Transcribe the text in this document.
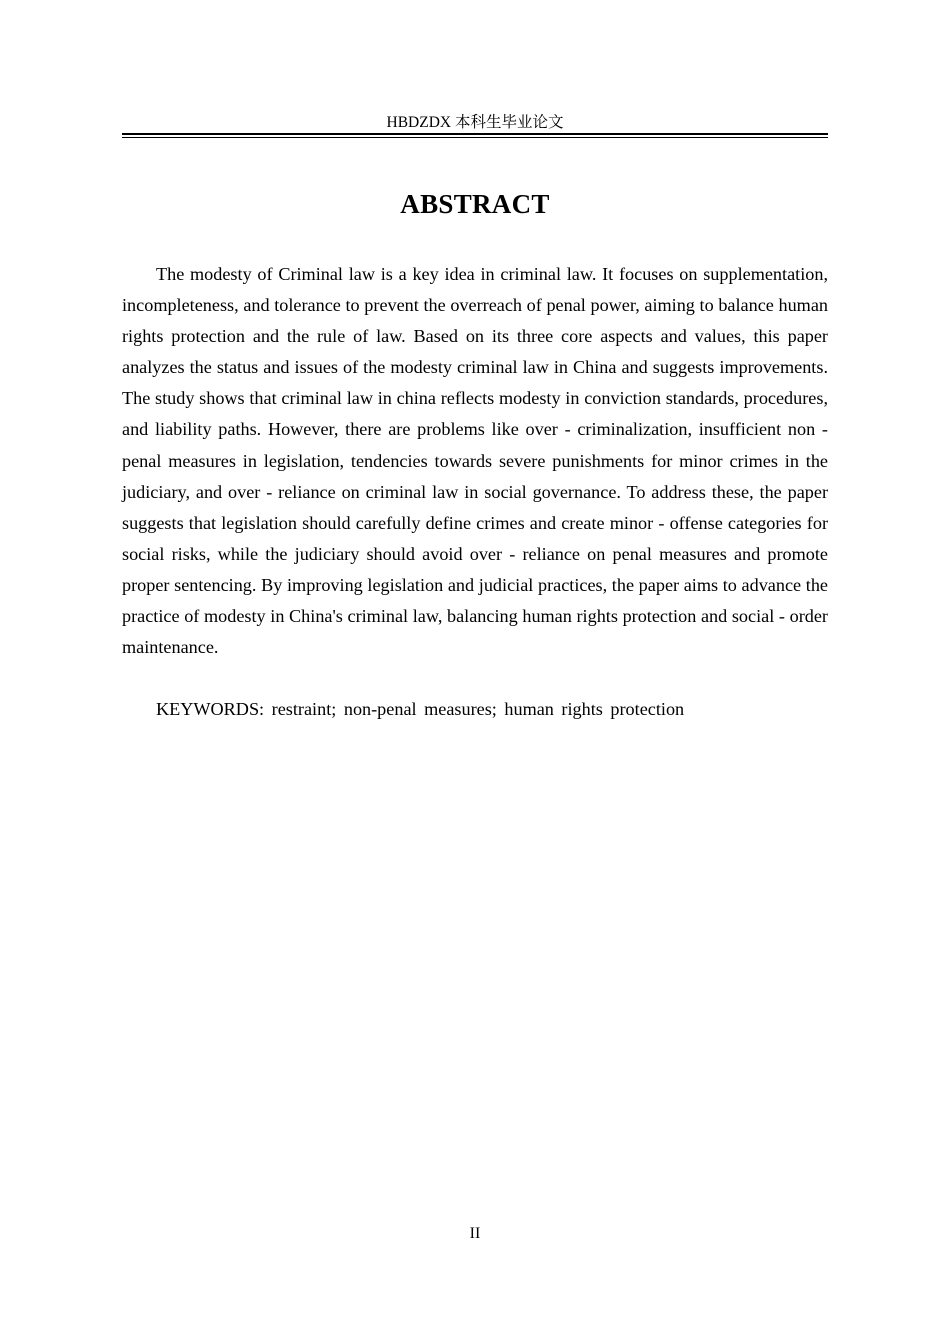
HBDZDX 本科生毕业论文
ABSTRACT

The modesty of Criminal law is a key idea in criminal law. It focuses on supplementation, incompleteness, and tolerance to prevent the overreach of penal power, aiming to balance human rights protection and the rule of law. Based on its three core aspects and values, this paper analyzes the status and issues of the modesty criminal law in China and suggests improvements. The study shows that criminal law in china reflects modesty in conviction standards, procedures, and liability paths. However, there are problems like over - criminalization, insufficient non - penal measures in legislation, tendencies towards severe punishments for minor crimes in the judiciary, and over - reliance on criminal law in social governance. To address these, the paper suggests that legislation should carefully define crimes and create minor - offense categories for social risks, while the judiciary should avoid over - reliance on penal measures and promote proper sentencing. By improving legislation and judicial practices, the paper aims to advance the practice of modesty in China's criminal law, balancing human rights protection and social - order maintenance.

KEYWORDS: restraint; non-penal measures; human rights protection

II
